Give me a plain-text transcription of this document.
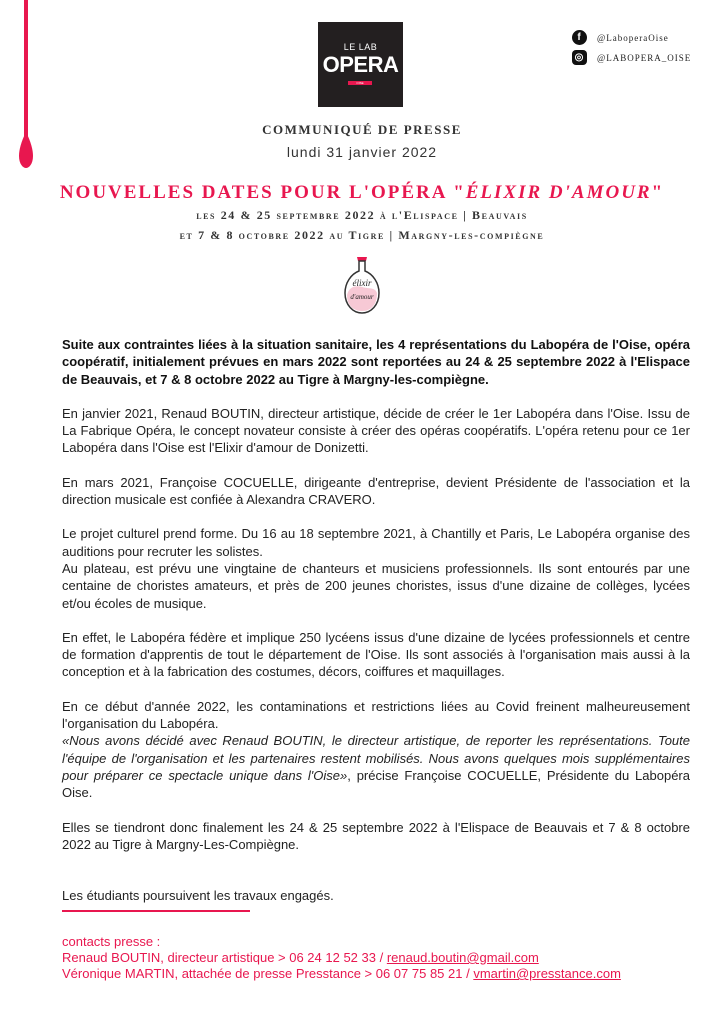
LE LAB
OPERA
OISE
f	@LaboperaOise
◎ @LABOPERA_OISE
COMMUNIQUÉ DE PRESSE
lundi 31 janvier 2022
NOUVELLES DATES POUR L'OPÉRA "ÉLIXIR D'AMOUR"
les 24 & 25 septembre 2022 à l'Elispace | Beauvais
et 7 & 8 octobre 2022 au Tigre | Margny-les-compiègne
élixir
d'amour

Suite aux contraintes liées à la situation sanitaire, les 4 représentations du Labopéra de l'Oise, opéra coopératif, initialement prévues en mars 2022 sont reportées au 24 & 25 septembre 2022 à l'Elispace de Beauvais, et 7 & 8 octobre 2022 au Tigre à Margny-les-compiègne.

En janvier 2021, Renaud BOUTIN, directeur artistique, décide de créer le 1er Labopéra dans l'Oise. Issu de La Fabrique Opéra, le concept novateur consiste à créer des opéras coopératifs. L'opéra retenu pour ce 1er Labopéra dans l'Oise est l'Elixir d'amour de Donizetti.

En mars 2021, Françoise COCUELLE, dirigeante d'entreprise, devient Présidente de l'association et la direction musicale est confiée à Alexandra CRAVERO.

Le projet culturel prend forme. Du 16 au 18 septembre 2021, à Chantilly et Paris, Le Labopéra organise des auditions pour recruter les solistes.
Au plateau, est prévu une vingtaine de chanteurs et musiciens professionnels. Ils sont entourés par une centaine de choristes amateurs, et près de 200 jeunes choristes, issus d'une dizaine de collèges, lycées et/ou écoles de musique.

En effet, le Labopéra fédère et implique 250 lycéens issus d'une dizaine de lycées professionnels et centre de formation d'apprentis de tout le département de l'Oise. Ils sont associés à l'organisation mais aussi à la conception et à la fabrication des costumes, décors, coiffures et maquillages.

En ce début d'année 2022, les contaminations et restrictions liées au Covid freinent malheureusement l'organisation du Labopéra.
«Nous avons décidé avec Renaud BOUTIN, le directeur artistique, de reporter les représentations. Toute l'équipe de l'organisation et les partenaires restent mobilisés. Nous avons quelques mois supplémentaires pour préparer ce spectacle unique dans l'Oise», précise Françoise COCUELLE, Présidente du Labopéra Oise.

Elles se tiendront donc finalement les 24 & 25 septembre 2022 à l'Elispace de Beauvais et 7 & 8 octobre 2022 au Tigre à Margny-Les-Compiègne.

Les étudiants poursuivent les travaux engagés.

contacts presse :
Renaud BOUTIN, directeur artistique > 06 24 12 52 33 / renaud.boutin@gmail.com
Véronique MARTIN, attachée de presse Presstance > 06 07 75 85 21 / vmartin@presstance.com
